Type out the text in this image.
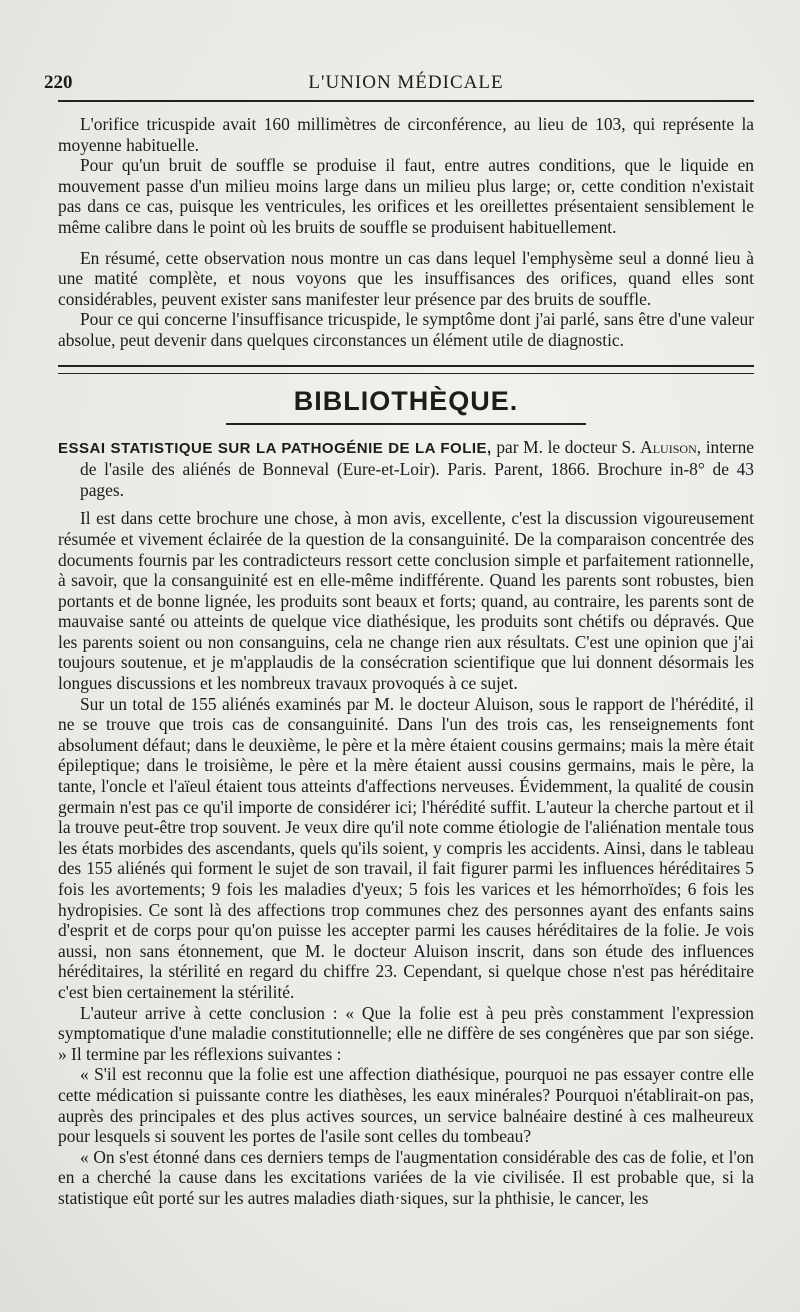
220	L'UNION MÉDICALE

L'orifice tricuspide avait 160 millimètres de circonférence, au lieu de 103, qui représente la moyenne habituelle.

Pour qu'un bruit de souffle se produise il faut, entre autres conditions, que le liquide en mouvement passe d'un milieu moins large dans un milieu plus large; or, cette condition n'existait pas dans ce cas, puisque les ventricules, les orifices et les oreillettes présentaient sensiblement le même calibre dans le point où les bruits de souffle se produisent habituellement.

En résumé, cette observation nous montre un cas dans lequel l'emphysème seul a donné lieu à une matité complète, et nous voyons que les insuffisances des orifices, quand elles sont considérables, peuvent exister sans manifester leur présence par des bruits de souffle.

Pour ce qui concerne l'insuffisance tricuspide, le symptôme dont j'ai parlé, sans être d'une valeur absolue, peut devenir dans quelques circonstances un élément utile de diagnostic.

BIBLIOTHÈQUE.

ESSAI STATISTIQUE SUR LA PATHOGÉNIE DE LA FOLIE, par M. le docteur S. Aluison, interne de l'asile des aliénés de Bonneval (Eure-et-Loir). Paris. Parent, 1866. Brochure in-8° de 43 pages.

Il est dans cette brochure une chose, à mon avis, excellente, c'est la discussion vigoureusement résumée et vivement éclairée de la question de la consanguinité. De la comparaison concentrée des documents fournis par les contradicteurs ressort cette conclusion simple et parfaitement rationnelle, à savoir, que la consanguinité est en elle-même indifférente. Quand les parents sont robustes, bien portants et de bonne lignée, les produits sont beaux et forts; quand, au contraire, les parents sont de mauvaise santé ou atteints de quelque vice diathésique, les produits sont chétifs ou dépravés. Que les parents soient ou non consanguins, cela ne change rien aux résultats. C'est une opinion que j'ai toujours soutenue, et je m'applaudis de la consécration scientifique que lui donnent désormais les longues discussions et les nombreux travaux provoqués à ce sujet.

Sur un total de 155 aliénés examinés par M. le docteur Aluison, sous le rapport de l'hérédité, il ne se trouve que trois cas de consanguinité. Dans l'un des trois cas, les renseignements font absolument défaut; dans le deuxième, le père et la mère étaient cousins germains; mais la mère était épileptique; dans le troisième, le père et la mère étaient aussi cousins germains, mais le père, la tante, l'oncle et l'aïeul étaient tous atteints d'affections nerveuses. Évidemment, la qualité de cousin germain n'est pas ce qu'il importe de considérer ici; l'hérédité suffit. L'auteur la cherche partout et il la trouve peut-être trop souvent. Je veux dire qu'il note comme étiologie de l'aliénation mentale tous les états morbides des ascendants, quels qu'ils soient, y compris les accidents. Ainsi, dans le tableau des 155 aliénés qui forment le sujet de son travail, il fait figurer parmi les influences héréditaires 5 fois les avortements; 9 fois les maladies d'yeux; 5 fois les varices et les hémorrhoïdes; 6 fois les hydropisies. Ce sont là des affections trop communes chez des personnes ayant des enfants sains d'esprit et de corps pour qu'on puisse les accepter parmi les causes héréditaires de la folie. Je vois aussi, non sans étonnement, que M. le docteur Aluison inscrit, dans son étude des influences héréditaires, la stérilité en regard du chiffre 23. Cependant, si quelque chose n'est pas héréditaire c'est bien certainement la stérilité.

L'auteur arrive à cette conclusion : « Que la folie est à peu près constamment l'expression symptomatique d'une maladie constitutionnelle; elle ne diffère de ses congénères que par son siége. » Il termine par les réflexions suivantes :

« S'il est reconnu que la folie est une affection diathésique, pourquoi ne pas essayer contre elle cette médication si puissante contre les diathèses, les eaux minérales? Pourquoi n'établirait-on pas, auprès des principales et des plus actives sources, un service balnéaire destiné à ces malheureux pour lesquels si souvent les portes de l'asile sont celles du tombeau?

« On s'est étonné dans ces derniers temps de l'augmentation considérable des cas de folie, et l'on en a cherché la cause dans les excitations variées de la vie civilisée. Il est probable que, si la statistique eût porté sur les autres maladies diath·siques, sur la phthisie, le cancer, les
